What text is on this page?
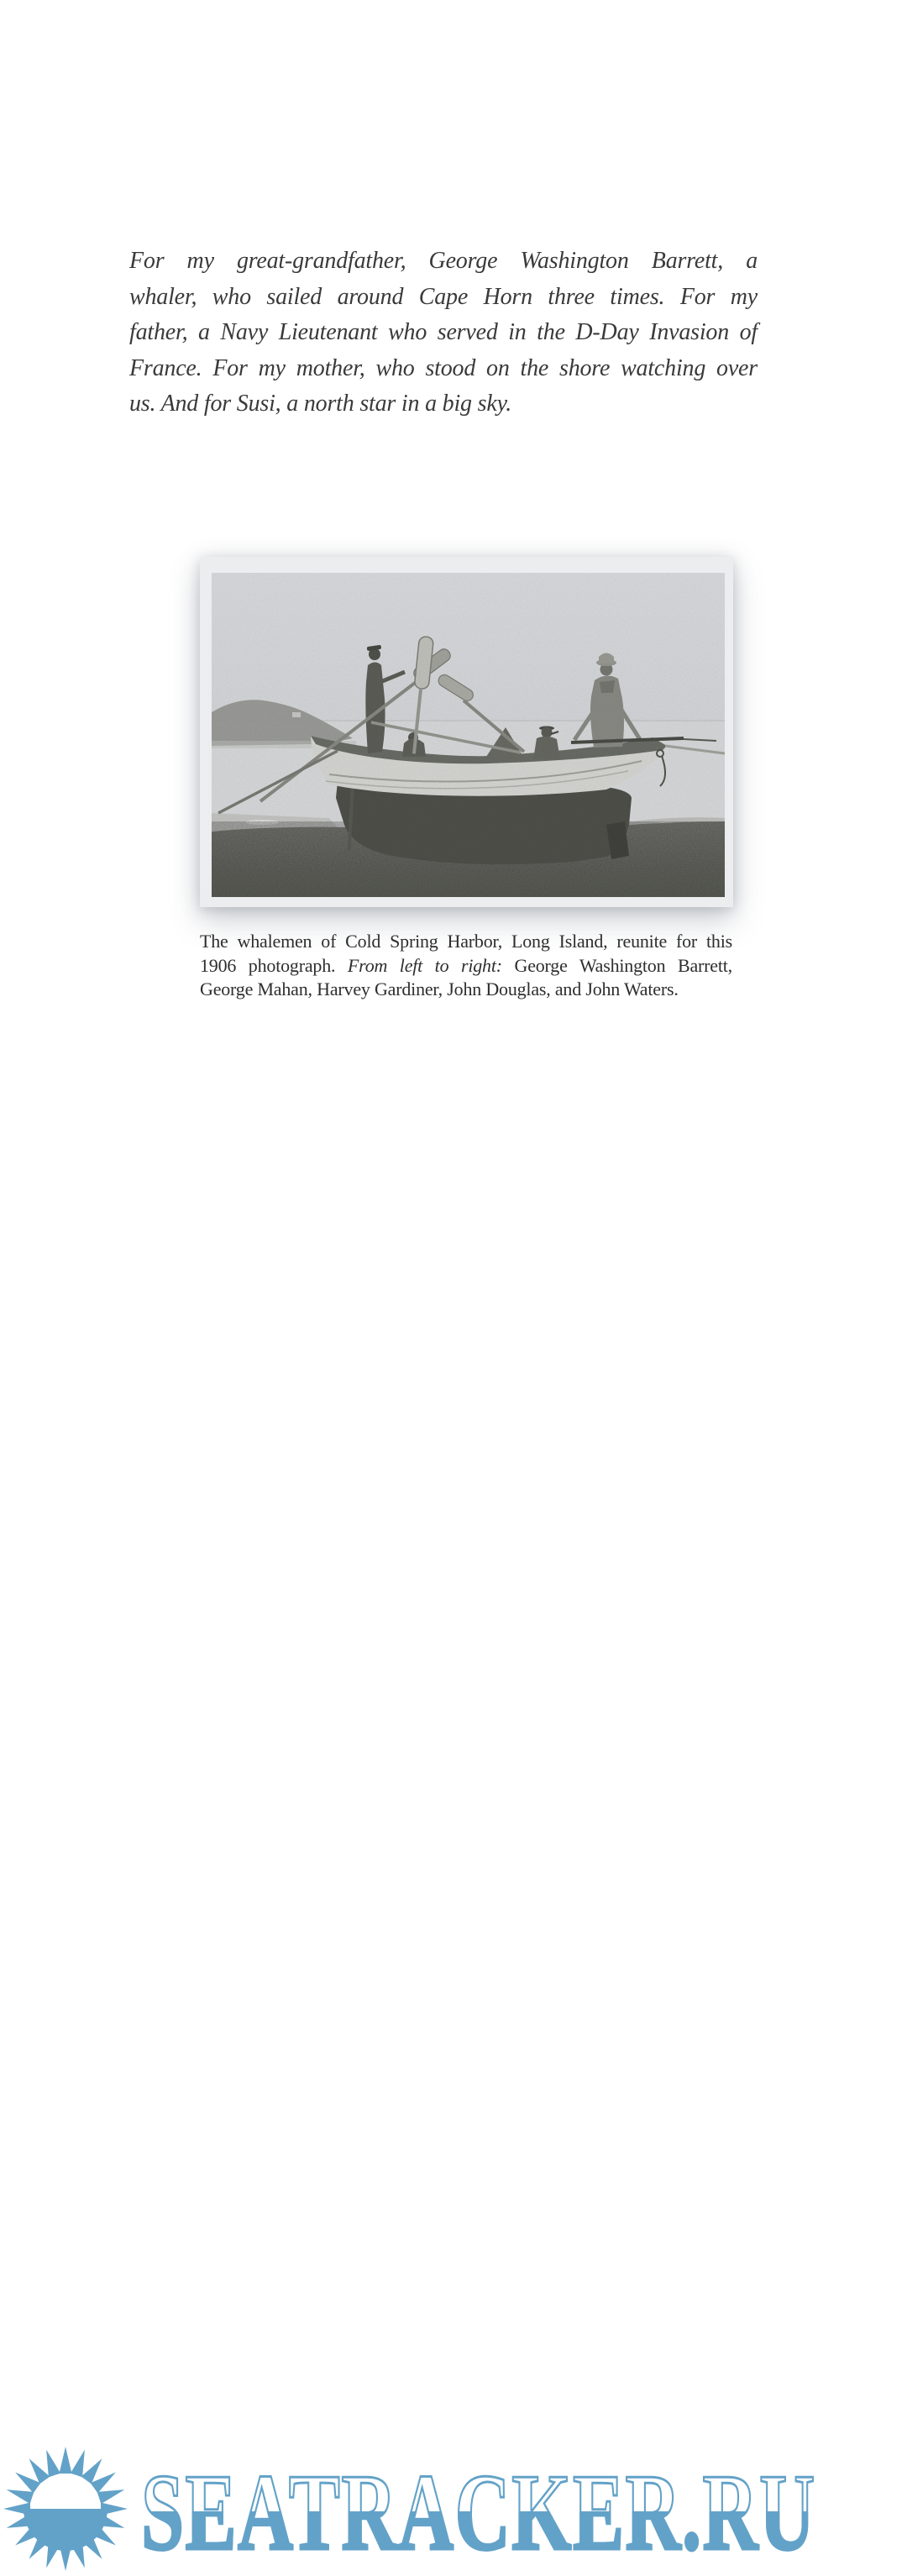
For my great-grandfather, George Washington Barrett, a
whaler, who sailed around Cape Horn three times. For my
father, a Navy Lieutenant who served in the D-Day Invasion of
France. For my mother, who stood on the shore watching over
us. And for Susi, a north star in a big sky.
The whalemen of Cold Spring Harbor, Long Island, reunite for this
1906 photograph. From left to right: George Washington Barrett,
George Mahan, Harvey Gardiner, John Douglas, and John Waters.
SEATRACKER.RU
